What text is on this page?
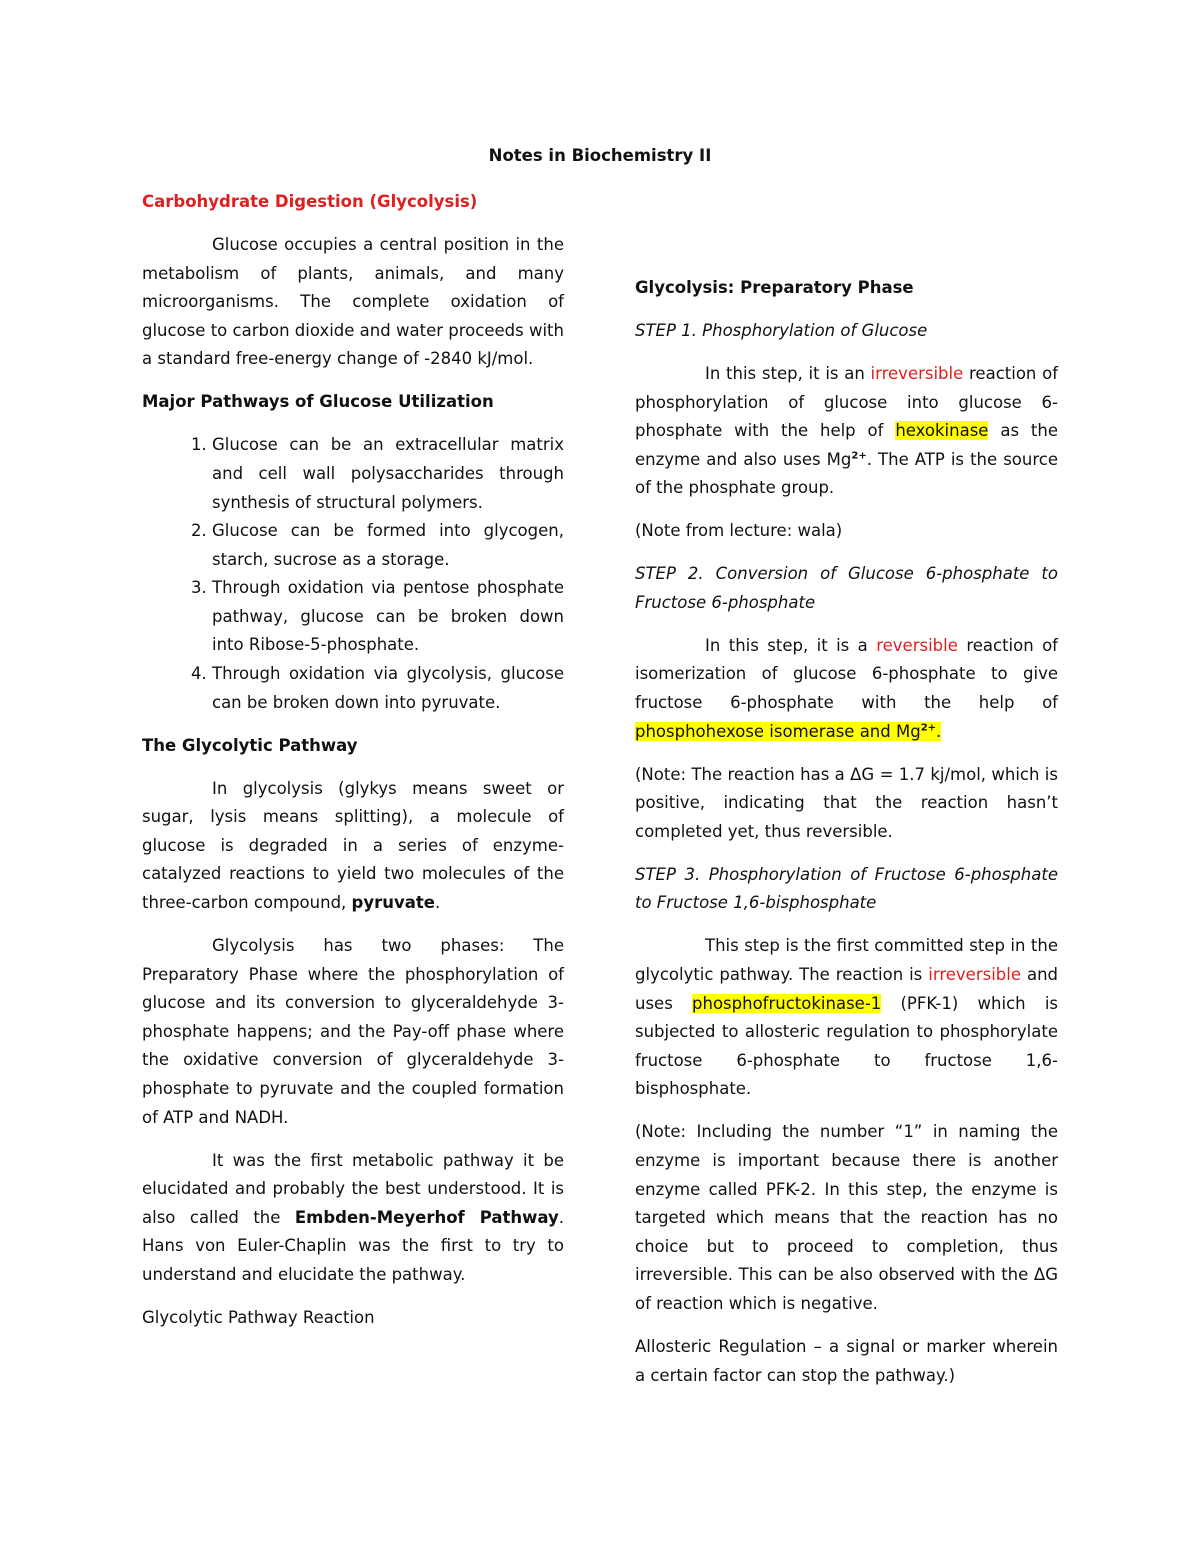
Notes in Biochemistry II

Carbohydrate Digestion (Glycolysis)

Glucose occupies a central position in the metabolism of plants, animals, and many microorganisms. The complete oxidation of glucose to carbon dioxide and water proceeds with a standard free-energy change of -2840 kJ/mol.

Major Pathways of Glucose Utilization

1. Glucose can be an extracellular matrix and cell wall polysaccharides through synthesis of structural polymers.
2. Glucose can be formed into glycogen, starch, sucrose as a storage.
3. Through oxidation via pentose phosphate pathway, glucose can be broken down into Ribose-5-phosphate.
4. Through oxidation via glycolysis, glucose can be broken down into pyruvate.

The Glycolytic Pathway

In glycolysis (glykys means sweet or sugar, lysis means splitting), a molecule of glucose is degraded in a series of enzyme-catalyzed reactions to yield two molecules of the three-carbon compound, pyruvate.

Glycolysis has two phases: The Preparatory Phase where the phosphorylation of glucose and its conversion to glyceraldehyde 3-phosphate happens; and the Pay-off phase where the oxidative conversion of glyceraldehyde 3-phosphate to pyruvate and the coupled formation of ATP and NADH.

It was the first metabolic pathway it be elucidated and probably the best understood. It is also called the Embden-Meyerhof Pathway. Hans von Euler-Chaplin was the first to try to understand and elucidate the pathway.

Glycolytic Pathway Reaction

Glycolysis: Preparatory Phase

STEP 1. Phosphorylation of Glucose

In this step, it is an irreversible reaction of phosphorylation of glucose into glucose 6-phosphate with the help of hexokinase as the enzyme and also uses $Mg^{2+}$. The ATP is the source of the phosphate group.

(Note from lecture: wala)

STEP 2. Conversion of Glucose 6-phosphate to Fructose 6-phosphate

In this step, it is a reversible reaction of isomerization of glucose 6-phosphate to give fructose 6-phosphate with the help of phosphohexose isomerase and $Mg^{2+}$.

(Note: The reaction has a ΔG = 1.7 kj/mol, which is positive, indicating that the reaction hasn’t completed yet, thus reversible.

STEP 3. Phosphorylation of Fructose 6-phosphate to Fructose 1,6-bisphosphate

This step is the first committed step in the glycolytic pathway. The reaction is irreversible and uses phosphofructokinase-1 (PFK-1) which is subjected to allosteric regulation to phosphorylate fructose 6-phosphate to fructose 1,6-bisphosphate.

(Note: Including the number “1” in naming the enzyme is important because there is another enzyme called PFK-2. In this step, the enzyme is targeted which means that the reaction has no choice but to proceed to completion, thus irreversible. This can be also observed with the ΔG of reaction which is negative.

Allosteric Regulation – a signal or marker wherein a certain factor can stop the pathway.)
